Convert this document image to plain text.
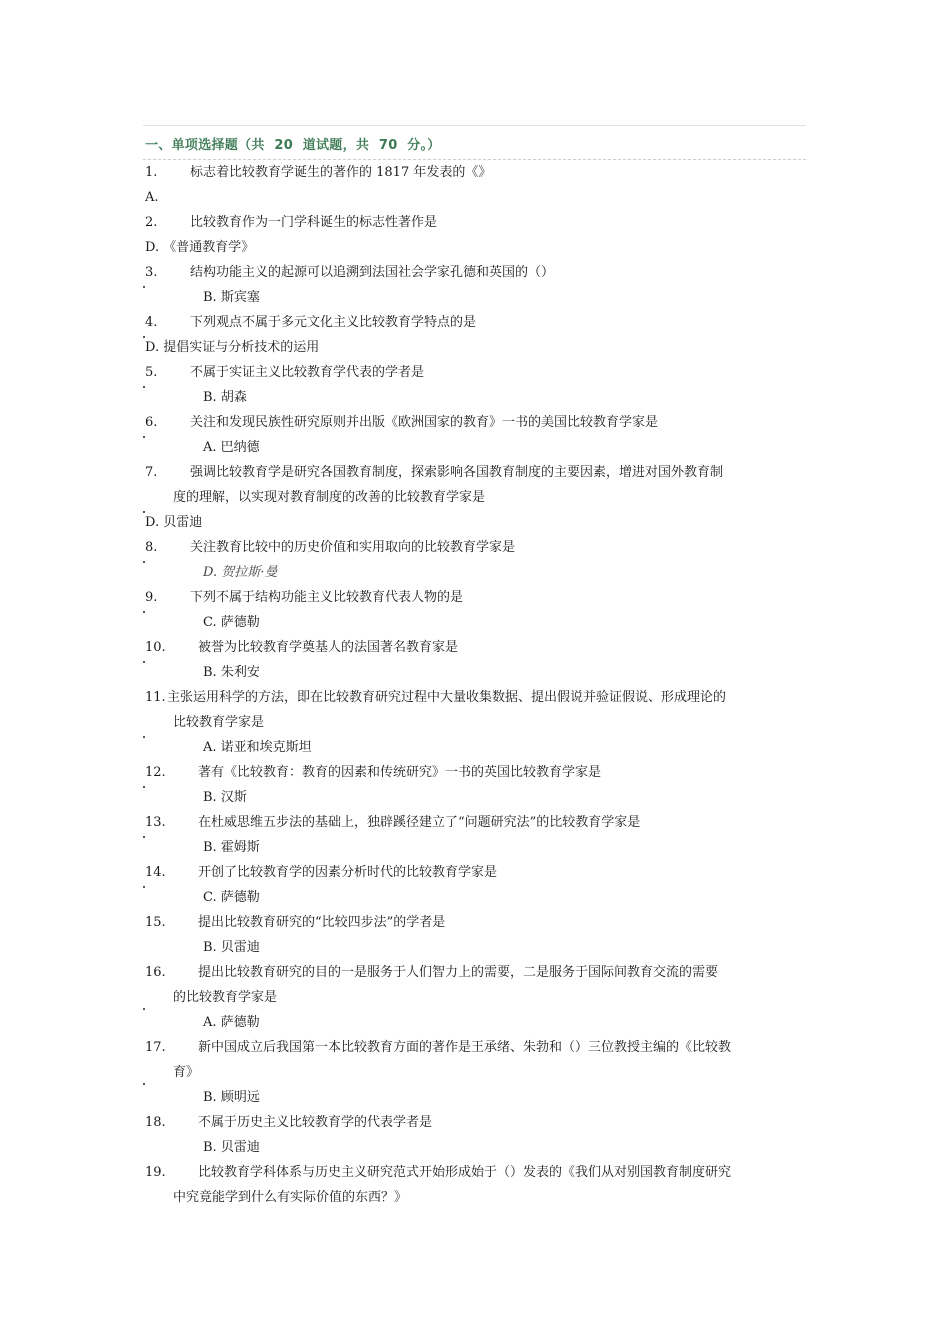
一、单项选择题（共  20  道试题，共  70  分。）
1.	标志着比较教育学诞生的著作的 1817 年发表的《》
A.
2.	比较教育作为一门学科诞生的标志性著作是
D. 《普通教育学》
3.	结构功能主义的起源可以追溯到法国社会学家孔德和英国的（）
B. 斯宾塞
4.	下列观点不属于多元文化主义比较教育学特点的是
D. 提倡实证与分析技术的运用
5.	不属于实证主义比较教育学代表的学者是
B. 胡森
6.	关注和发现民族性研究原则并出版《欧洲国家的教育》一书的美国比较教育学家是
A. 巴纳德
7.	强调比较教育学是研究各国教育制度，探索影响各国教育制度的主要因素，增进对国外教育制
度的理解，以实现对教育制度的改善的比较教育学家是
D. 贝雷迪
8.	关注教育比较中的历史价值和实用取向的比较教育学家是
D. 贺拉斯·曼
9.	下列不属于结构功能主义比较教育代表人物的是
C. 萨德勒
10. 被誉为比较教育学奠基人的法国著名教育家是
B. 朱利安
11. 主张运用科学的方法，即在比较教育研究过程中大量收集数据、提出假说并验证假说、形成理论的
比较教育学家是
A. 诺亚和埃克斯坦
12. 著有《比较教育：教育的因素和传统研究》一书的英国比较教育学家是
B. 汉斯
13. 在杜威思维五步法的基础上，独辟蹊径建立了“问题研究法”的比较教育学家是
B. 霍姆斯
14. 开创了比较教育学的因素分析时代的比较教育学家是
C. 萨德勒
15. 提出比较教育研究的“比较四步法”的学者是
B. 贝雷迪
16. 提出比较教育研究的目的一是服务于人们智力上的需要，二是服务于国际间教育交流的需要
的比较教育学家是
A. 萨德勒
17. 新中国成立后我国第一本比较教育方面的著作是王承绪、朱勃和（）三位教授主编的《比较教
育》
B. 顾明远
18. 不属于历史主义比较教育学的代表学者是
B. 贝雷迪
19. 比较教育学科体系与历史主义研究范式开始形成始于（）发表的《我们从对别国教育制度研究
中究竟能学到什么有实际价值的东西？》
